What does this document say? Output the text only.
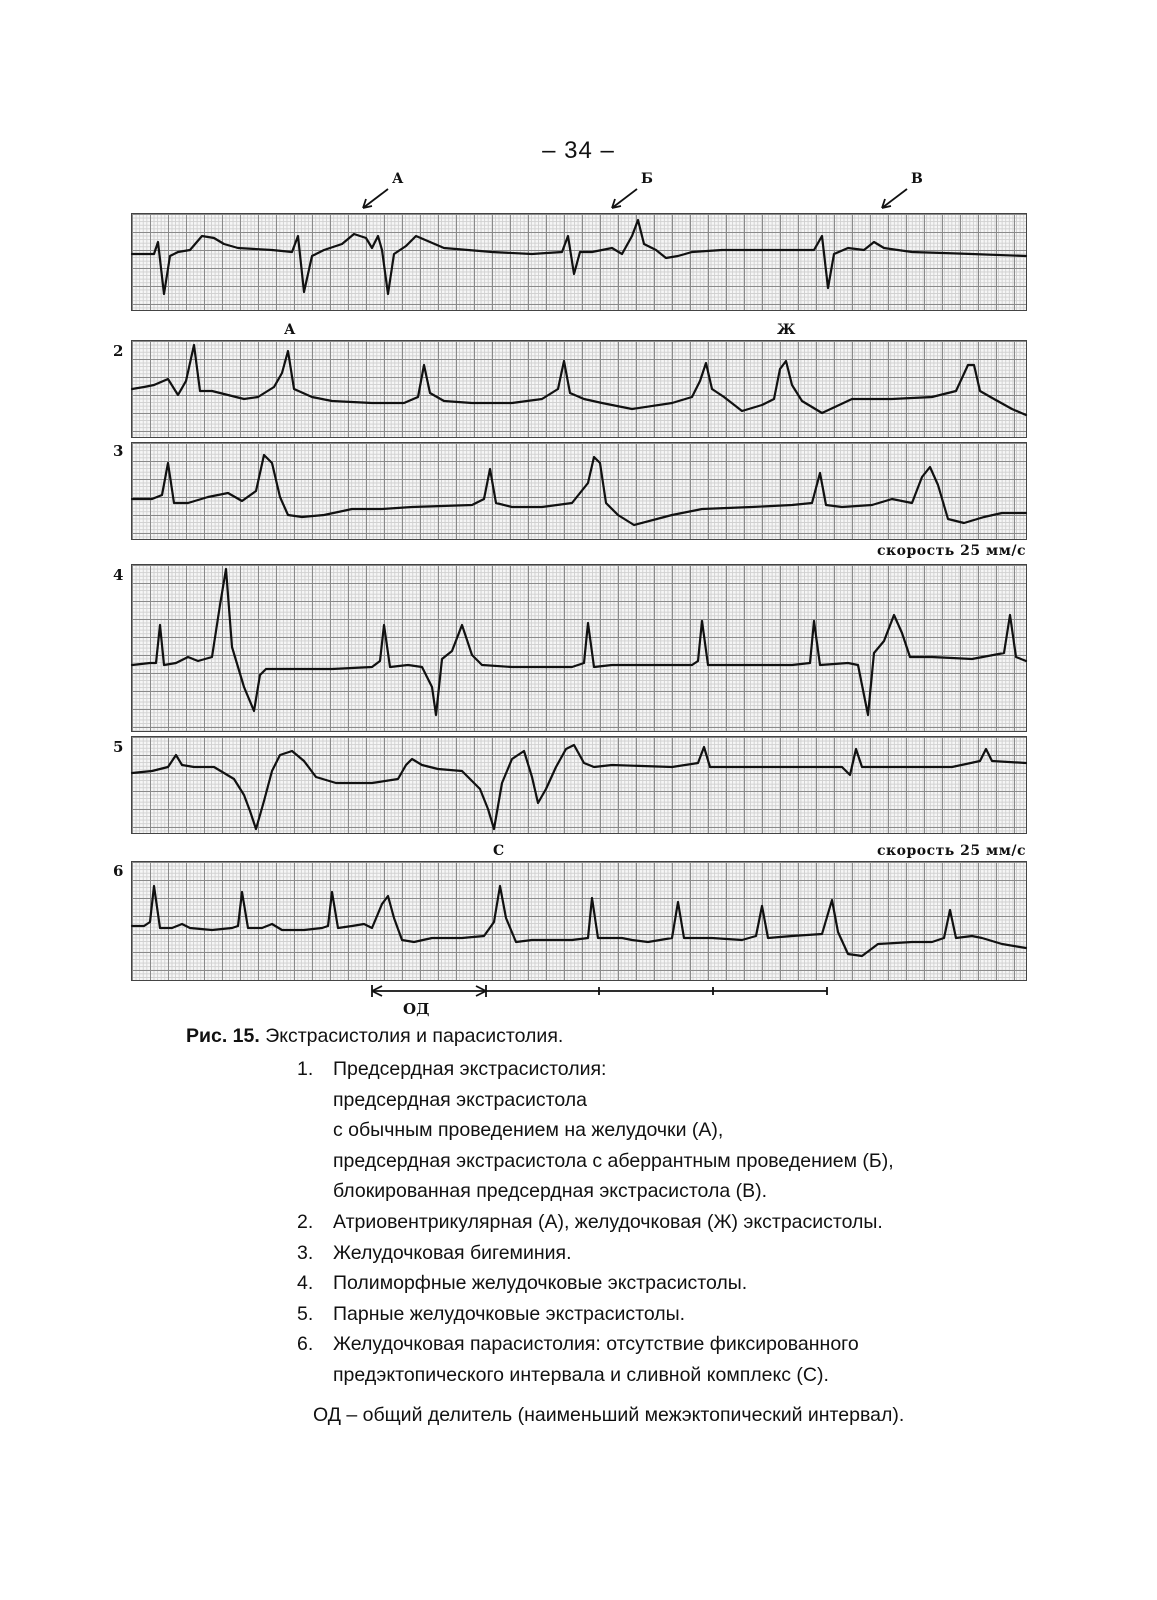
– 34 –
А	Б	В
2
А	Ж
3
скорость 25 мм/с
4
5
скорость 25 мм/с
С
6
ОД
Рис. 15. Экстрасистолия и парасистолия.
1.	Предсердная экстрасистолия:
предсердная экстрасистола
с обычным проведением на желудочки (А),
предсердная экстрасистола с аберрантным проведением (Б),
блокированная предсердная экстрасистола (В).
2.	Атриовентрикулярная (А), желудочковая (Ж) экстрасистолы.
3.	Желудочковая бигеминия.
4.	Полиморфные желудочковые экстрасистолы.
5.	Парные желудочковые экстрасистолы.
6.	Желудочковая парасистолия: отсутствие фиксированного
предэктопического интервала и сливной комплекс (С).
ОД – общий делитель (наименьший межэктопический интервал).
